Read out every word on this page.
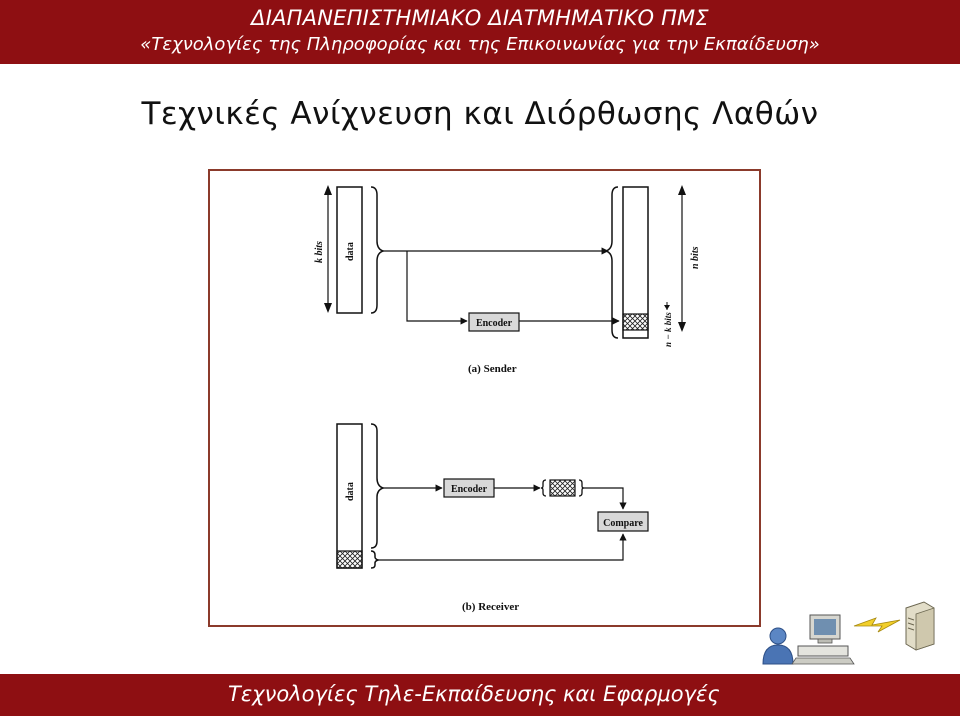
ΔΙΑΠΑΝΕΠΙΣΤΗΜΙΑΚΟ ΔΙΑΤΜΗΜΑΤΙΚΟ ΠΜΣ
«Τεχνολογίες της Πληροφορίας και της Επικοινωνίας για την Εκπαίδευση»
Τεχνικές Ανίχνευση και Διόρθωσης Λαθών
k bits data
Encoder	n − k bits
n bits
(a) Sender
data	Encoder
Compare
(b) Receiver
Τεχνολογίες Τηλε-Εκπαίδευσης και Εφαρμογές
